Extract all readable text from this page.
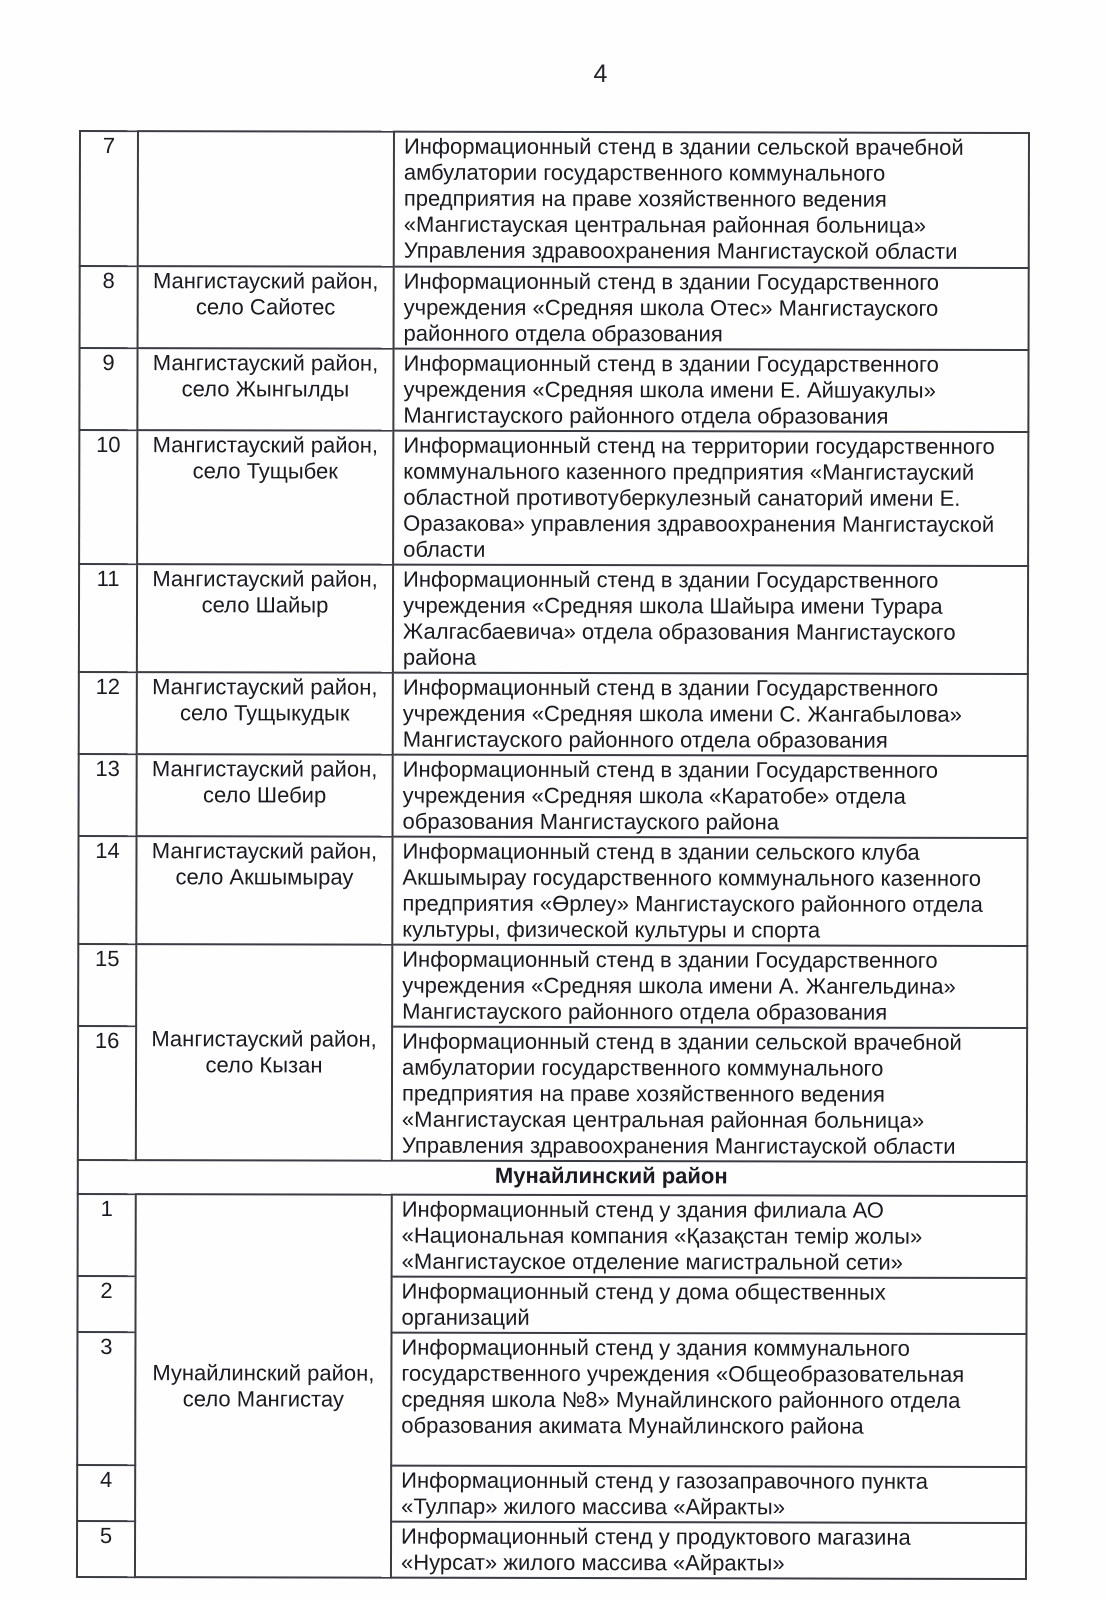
4
7		Информационный стенд в здании сельской врачебной амбулатории государственного коммунального предприятия на праве хозяйственного ведения «Мангистауская центральная районная больница» Управления здравоохранения Мангистауской области
8	Мангистауский район, село Сайотес	Информационный стенд в здании Государственного учреждения «Средняя школа Отес» Мангистауского районного отдела образования
9	Мангистауский район, село Жынгылды	Информационный стенд в здании Государственного учреждения «Средняя школа имени Е. Айшуакулы» Мангистауского районного отдела образования
10	Мангистауский район, село Тущыбек	Информационный стенд на территории государственного коммунального казенного предприятия «Мангистауский областной противотуберкулезный санаторий имени Е. Оразакова» управления здравоохранения Мангистауской области
11	Мангистауский район, село Шайыр	Информационный стенд в здании Государственного учреждения «Средняя школа Шайыра имени Турара Жалгасбаевича» отдела образования Мангистауского района
12	Мангистауский район, село Тущыкудык	Информационный стенд в здании Государственного учреждения «Средняя школа имени С. Жангабылова» Мангистауского районного отдела образования
13	Мангистауский район, село Шебир	Информационный стенд в здании Государственного учреждения «Средняя школа «Каратобе» отдела образования Мангистауского района
14	Мангистауский район, село Акшымырау	Информационный стенд в здании сельского клуба Акшымырау государственного коммунального казенного предприятия «Өрлеу» Мангистауского районного отдела культуры, физической культуры и спорта
15	Мангистауский район, село Кызан	Информационный стенд в здании Государственного учреждения «Средняя школа имени А. Жангельдина» Мангистауского районного отдела образования
16		Информационный стенд в здании сельской врачебной амбулатории государственного коммунального предприятия на праве хозяйственного ведения «Мангистауская центральная районная больница» Управления здравоохранения Мангистауской области
Мунайлинский район		
1	Мунайлинский район, село Мангистау	Информационный стенд у здания филиала АО «Национальная компания «Қазақстан темір жолы» «Мангистауское отделение магистральной сети»
2		Информационный стенд у дома общественных организаций
3		Информационный стенд у здания коммунального государственного учреждения «Общеобразовательная средняя школа №8» Мунайлинского районного отдела образования акимата Мунайлинского района
4		Информационный стенд у газозаправочного пункта «Тулпар» жилого массива «Айракты»
5		Информационный стенд у продуктового магазина «Нурсат» жилого массива «Айракты»
